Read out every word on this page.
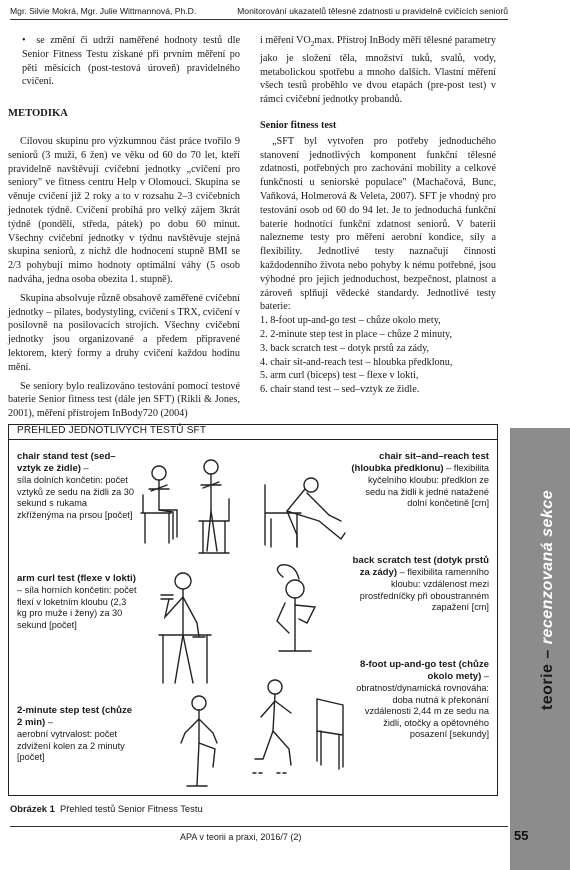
Mgr. Silvie Mokrá, Mgr. Julie Wittmannová, Ph.D.	Monitorování ukazatelů tělesné zdatnosti u pravidelně cvičících seniorů

•  se změní či udrží naměřené hodnoty testů dle Senior Fitness Testu získané při prvním měření po pěti měsících (post-testová úroveň) pravidelného cvičení.

METODIKA

Cílovou skupinu pro výzkumnou část práce tvořilo 9 seniorů (3 muži, 6 žen) ve věku od 60 do 70 let, kteří pravidelně navštěvují cvičební jednotky „cvičení pro seniory" ve fitness centru Help v Olomouci. Skupina se věnuje cvičení již 2 roky a to v rozsahu 2–3 cvičebních jednotek týdně. Cvičení probíhá pro velký zájem 3krát týdně (pondělí, středa, pátek) po dobu 60 minut. Všechny cvičební jednotky v týdnu navštěvuje stejná skupina seniorů, z nichž dle hodnocení stupně BMI se 2/3 pohybují mimo hodnoty optimální váhy (5 osob nadváha, jedna osoba obezita 1. stupně).

Skupina absolvuje různě obsahově zaměřené cvičební jednotky – pilates, bodystyling, cvičení s TRX, cvičení v posilovně na posilovacích strojích. Všechny cvičební jednotky jsou organizované a předem připravené lektorem, který formy a druhy cvičení každou hodinu mění.

Se seniory bylo realizováno testování pomocí testové baterie Senior fitness test (dále jen SFT) (Rikli & Jones, 2001), měření přístrojem InBody720 (2004)

i měření $VO_2\max$. Přístroj InBody měří tělesné parametry jako je složení těla, množství tuků, svalů, vody, metabolickou spotřebu a mnoho dalších. Vlastní měření všech testů proběhlo ve dvou etapách (pre-post test) v rámci cvičební jednotky probandů.

Senior fitness test

„SFT byl vytvořen pro potřeby jednoduchého stanovení jednotlivých komponent funkční tělesné zdatnosti, potřebných pro zachování mobility a celkové funkčnosti u seniorské populace" (Machačová, Bunc, Vaňková, Holmerová & Veleta, 2007). SFT je vhodný pro testování osob od 60 do 94 let. Je to jednoduchá funkční baterie hodnotící funkční zdatnost seniorů. V baterii nalezneme testy pro měření aerobní kondice, síly a flexibility. Jednotlivé testy naznačují činnosti každodenního života nebo pohyby k nému potřebné, jsou výhodné pro jejich jednoduchost, bezpečnost, platnost a zároveň splňují vědecké standardy. Jednotlivé testy baterie:

1. 8-foot up-and-go test – chůze okolo mety,
2. 2-minute step test in place – chůze 2 minuty,
3. back scratch test – dotyk prstů za zády,
4. chair sit-and-reach test – hloubka předklonu,
5. arm curl (biceps) test – flexe v lokti,
6. chair stand test – sed–vztyk ze židle.
teorie – recenzovaná sekce
PŘEHLED JEDNOTLIVÝCH TESTŮ SFT
chair stand test (sed–vztyk ze židle) –
síla dolních končetin: počet vztyků ze sedu na židli za 30 sekund s rukama zkříženýma na prsou [počet]
arm curl test (flexe v lokti) – síla horních končetin: počet flexí v loketním kloubu (2,3 kg pro muže i ženy) za 30 sekund [počet]
2-minute step test (chůze 2 min) –
aerobní vytrvalost: počet zdvižení kolen za 2 minuty [počet]
chair sit–and–reach test (hloubka předklonu) – flexibilita kyčelního kloubu: předklon ze sedu na židli k jedné natažené dolní končetině [cm]
back scratch test (dotyk prstů za zády) – flexibilita ramenního kloubu: vzdálenost mezi prostředníčky při oboustranném zapažení [cm]
8-foot up-and-go test (chůze okolo mety) – obratnost/dynamická rovnováha: doba nutná k překonání vzdálenosti 2,44 m ze sedu na židli, otočky a opětovného posazení [sekundy]
Obrázek 1 Přehled testů Senior Fitness Testu
APA v teorii a praxi, 2016/7 (2)	55
